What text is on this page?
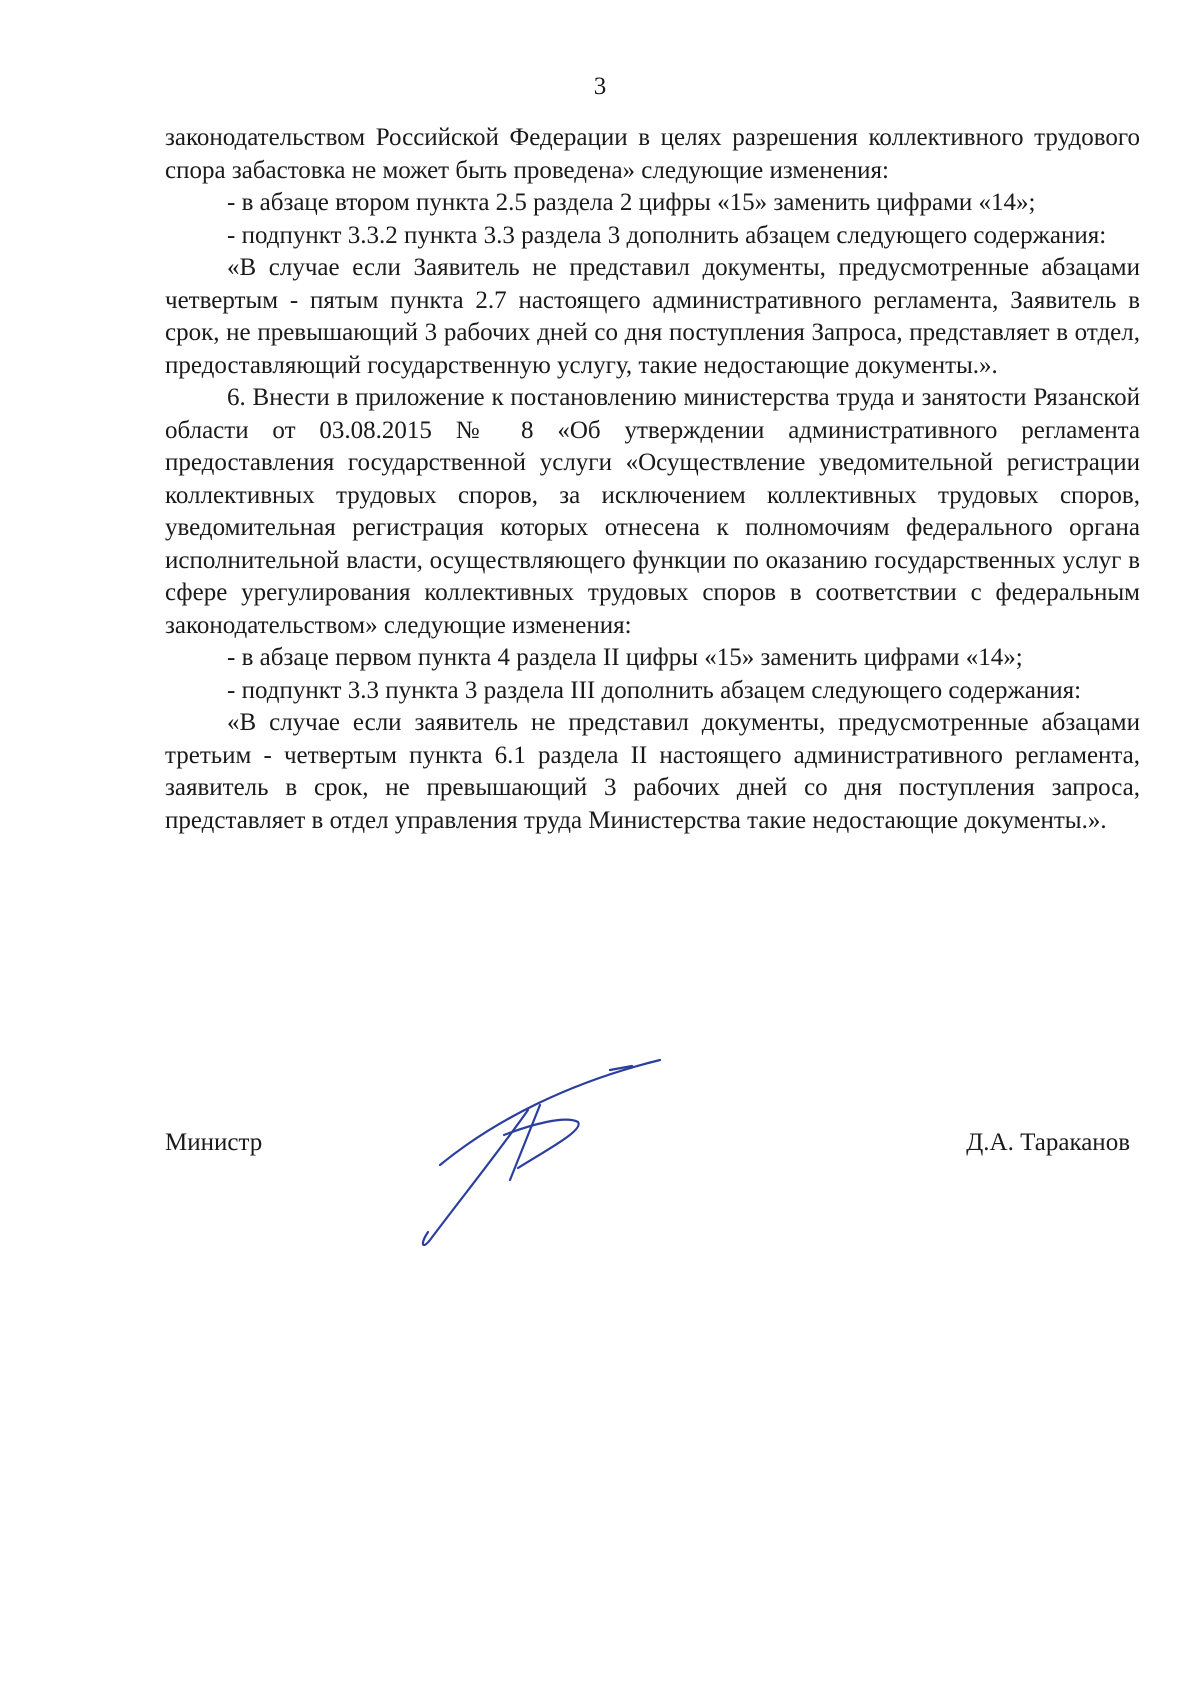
3

законодательством Российской Федерации в целях разрешения коллективного трудового спора забастовка не может быть проведена» следующие изменения:

- в абзаце втором пункта 2.5 раздела 2 цифры «15» заменить цифрами «14»;

- подпункт 3.3.2 пункта 3.3 раздела 3 дополнить абзацем следующего содержания:

«В случае если Заявитель не представил документы, предусмотренные абзацами четвертым - пятым пункта 2.7 настоящего административного регламента, Заявитель в срок, не превышающий 3 рабочих дней со дня поступления Запроса, представляет в отдел, предоставляющий государственную услугу, такие недостающие документы.».

6. Внести в приложение к постановлению министерства труда и занятости Рязанской области от 03.08.2015 № 8 «Об утверждении административного регламента предоставления государственной услуги «Осуществление уведомительной регистрации коллективных трудовых споров, за исключением коллективных трудовых споров, уведомительная регистрация которых отнесена к полномочиям федерального органа исполнительной власти, осуществляющего функции по оказанию государственных услуг в сфере урегулирования коллективных трудовых споров в соответствии с федеральным законодательством» следующие изменения:

- в абзаце первом пункта 4 раздела II цифры «15» заменить цифрами «14»;

- подпункт 3.3 пункта 3 раздела III дополнить абзацем следующего содержания:

«В случае если заявитель не представил документы, предусмотренные абзацами третьим - четвертым пункта 6.1 раздела II настоящего административного регламента, заявитель в срок, не превышающий 3 рабочих дней со дня поступления запроса, представляет в отдел управления труда Министерства такие недостающие документы.».

Министр	Д.А. Тараканов
